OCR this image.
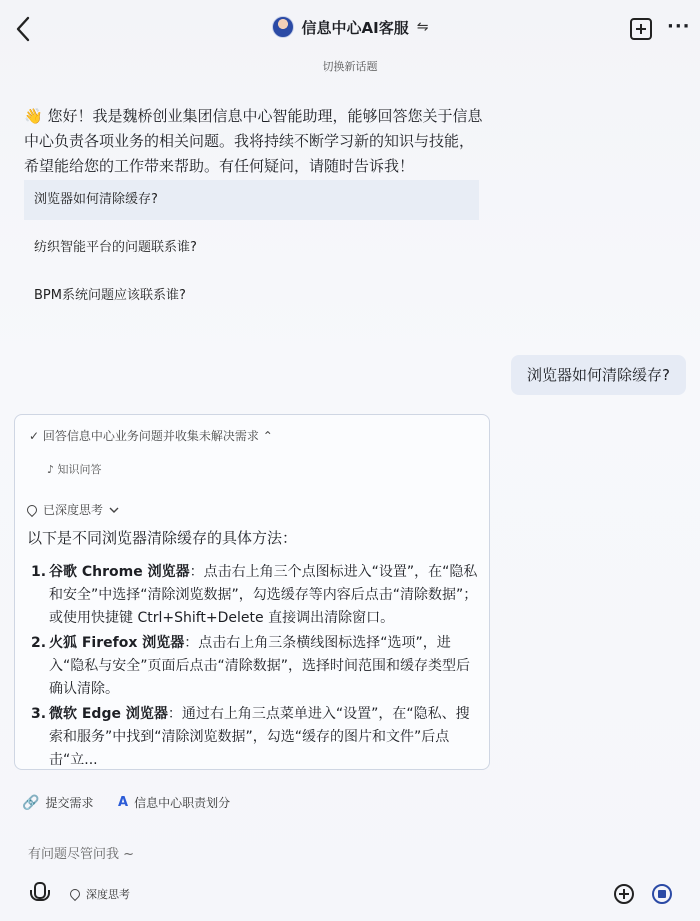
信息中心AI客服 ⇋	···
切换新话题
👋 您好！我是魏桥创业集团信息中心智能助理，能够回答您关于信息中心负责各项业务的相关问题。我将持续不断学习新的知识与技能，希望能给您的工作带来帮助。有任何疑问，请随时告诉我！
浏览器如何清除缓存?
纺织智能平台的问题联系谁?
BPM系统问题应该联系谁?
浏览器如何清除缓存?
✓ 回答信息中心业务问题并收集未解决需求 ⌃
♪ 知识问答
已深度思考
以下是不同浏览器清除缓存的具体方法：
1. 谷歌 Chrome 浏览器：点击右上角三个点图标进入“设置”，在“隐私和安全”中选择“清除浏览数据”，勾选缓存等内容后点击“清除数据”；或使用快捷键 Ctrl+Shift+Delete 直接调出清除窗口。
2. 火狐 Firefox 浏览器：点击右上角三条横线图标选择“选项”，进入“隐私与安全”页面后点击“清除数据”，选择时间范围和缓存类型后确认清除。
3. 微软 Edge 浏览器：通过右上角三点菜单进入“设置”，在“隐私、搜索和服务”中找到“清除浏览数据”，勾选“缓存的图片和文件”后点击“立...
🔗 提交需求 A 信息中心职责划分
有问题尽管问我 ~
深度思考
